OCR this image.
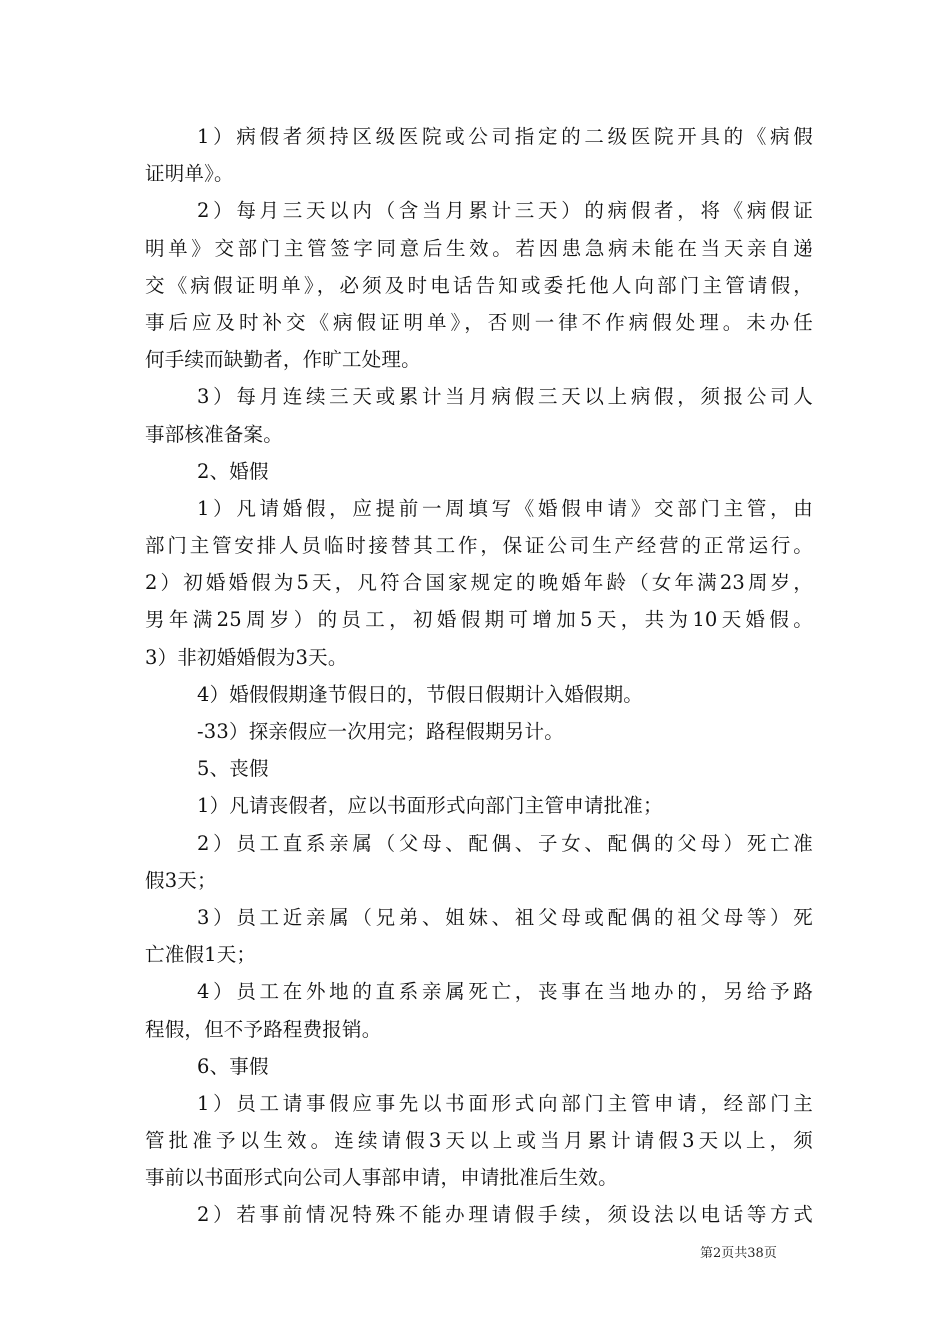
1）病假者须持区级医院或公司指定的二级医院开具的《病假
证明单》。
2）每月三天以内（含当月累计三天）的病假者，将《病假证
明单》交部门主管签字同意后生效。若因患急病未能在当天亲自递
交《病假证明单》，必须及时电话告知或委托他人向部门主管请假，
事后应及时补交《病假证明单》，否则一律不作病假处理。未办任
何手续而缺勤者，作旷工处理。
3）每月连续三天或累计当月病假三天以上病假，须报公司人
事部核准备案。
2、婚假
1）凡请婚假，应提前一周填写《婚假申请》交部门主管，由
部门主管安排人员临时接替其工作，保证公司生产经营的正常运行。
2）初婚婚假为5天，凡符合国家规定的晚婚年龄（女年满23周岁，
男年满25周岁）的员工，初婚假期可增加5天，共为10天婚假。
3）非初婚婚假为3天。
4）婚假假期逢节假日的，节假日假期计入婚假期。
-33）探亲假应一次用完；路程假期另计。
5、丧假
1）凡请丧假者，应以书面形式向部门主管申请批准；
2）员工直系亲属（父母、配偶、子女、配偶的父母）死亡准
假3天；
3）员工近亲属（兄弟、姐妹、祖父母或配偶的祖父母等）死
亡准假1天；
4）员工在外地的直系亲属死亡，丧事在当地办的，另给予路
程假，但不予路程费报销。
6、事假
1）员工请事假应事先以书面形式向部门主管申请，经部门主
管批准予以生效。连续请假3天以上或当月累计请假3天以上，须
事前以书面形式向公司人事部申请，申请批准后生效。
2）若事前情况特殊不能办理请假手续，须设法以电话等方式
第2页共38页
